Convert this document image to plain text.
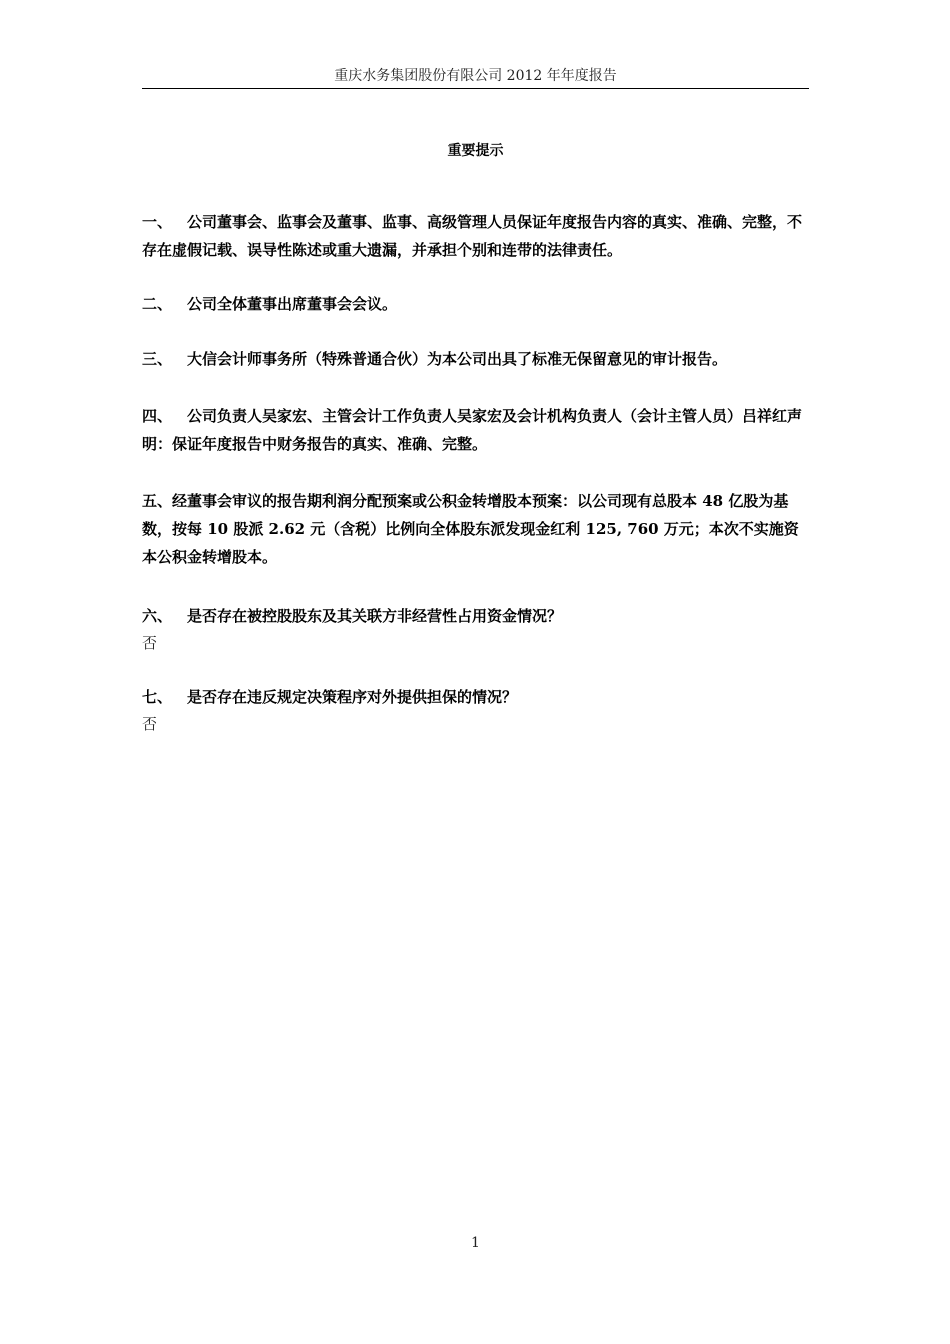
重庆水务集团股份有限公司 2012 年年度报告
重要提示

一、 公司董事会、监事会及董事、监事、高级管理人员保证年度报告内容的真实、准确、完整，不存在虚假记载、误导性陈述或重大遗漏，并承担个别和连带的法律责任。

二、 公司全体董事出席董事会会议。

三、 大信会计师事务所（特殊普通合伙）为本公司出具了标准无保留意见的审计报告。

四、 公司负责人吴家宏、主管会计工作负责人吴家宏及会计机构负责人（会计主管人员）吕祥红声明：保证年度报告中财务报告的真实、准确、完整。

五、经董事会审议的报告期利润分配预案或公积金转增股本预案：以公司现有总股本 48 亿股为基数，按每 10 股派 2.62 元（含税）比例向全体股东派发现金红利 125, 760 万元；本次不实施资本公积金转增股本。

六、 是否存在被控股股东及其关联方非经营性占用资金情况？
否

七、 是否存在违反规定决策程序对外提供担保的情况？
否

1
